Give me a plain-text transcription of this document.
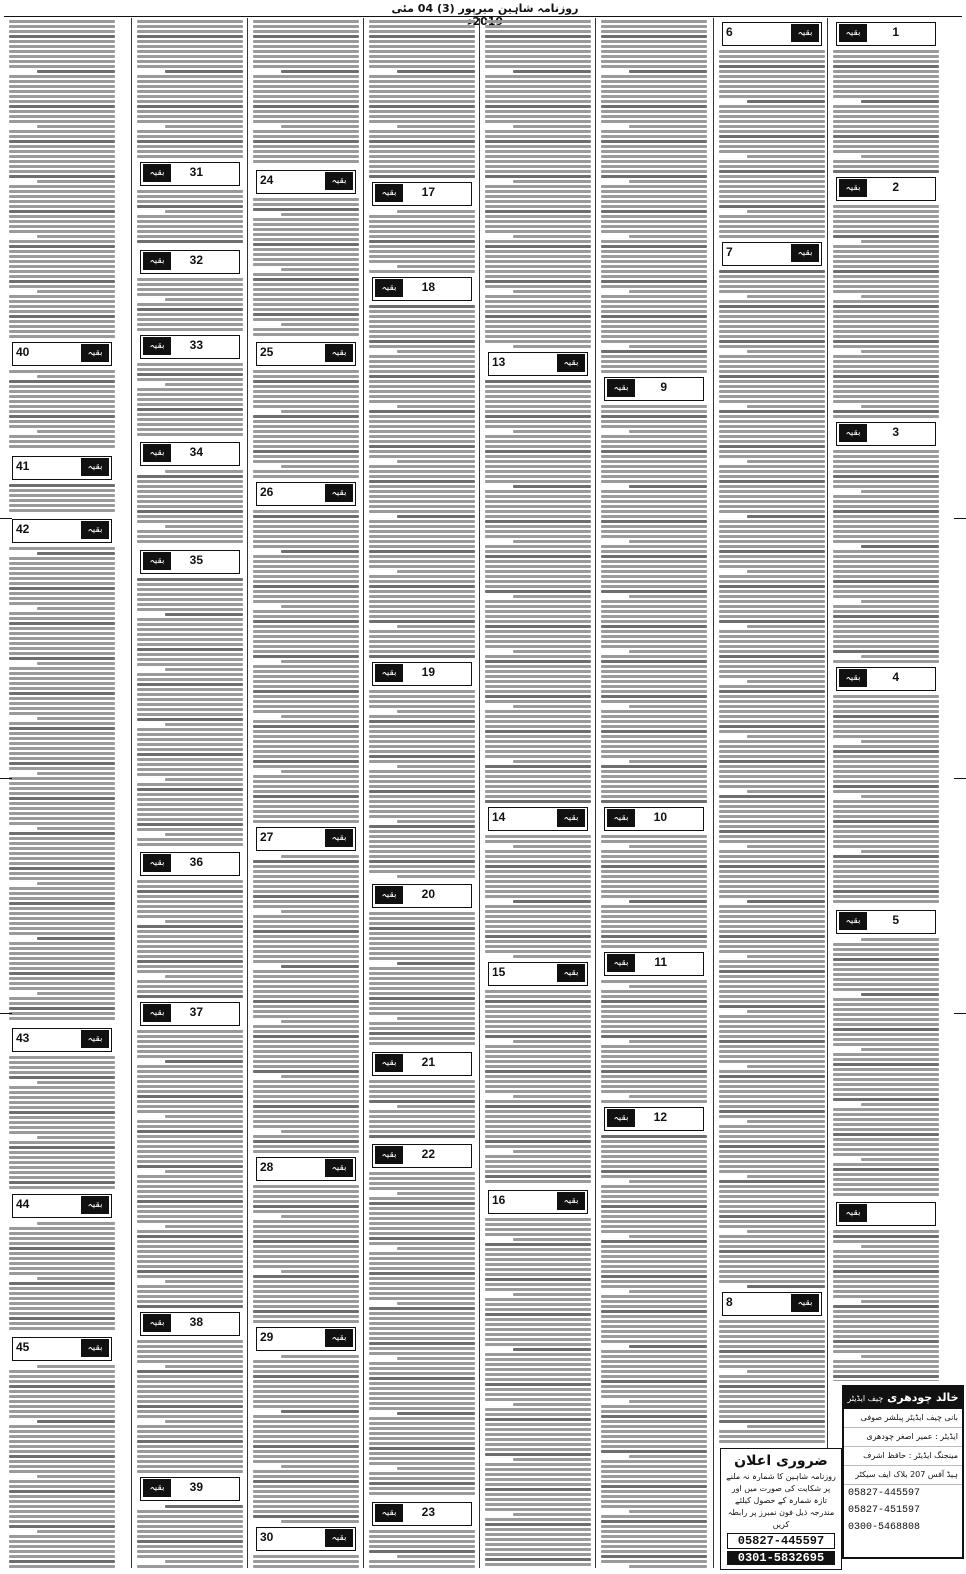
روزنامہ شاہین میرپور (3) 04 مئی
1
بقیہ
2
بقیہ
3
بقیہ
4
بقیہ
5
بقیہ
بقیہ
6	بقیہ
7	بقیہ
8	بقیہ
9
بقیہ
10
بقیہ
11
بقیہ
12
بقیہ
13	بقیہ
14	بقیہ
15	بقیہ
16	بقیہ
17
بقیہ
18
بقیہ
19
بقیہ
20
بقیہ
21
بقیہ
22
بقیہ
23
بقیہ
24	بقیہ
25	بقیہ
26	بقیہ
27	بقیہ
28	بقیہ
29	بقیہ
30	بقیہ
31
بقیہ
32
بقیہ
33
بقیہ
34
بقیہ
35
بقیہ
36
بقیہ
37
بقیہ
38
بقیہ
39
بقیہ
40	بقیہ
41	بقیہ
42	بقیہ
43	بقیہ
44	بقیہ
45	بقیہ
خالد چودھری چیف ایڈیٹر
بانی چیف ایڈیٹر پبلشر صوفی
ایڈیٹر : عمیر اصغر چودھری
مینجنگ ایڈیٹر : حافظ اشرف
ہیڈ آفس 207 بلاک ایف سیکٹر
05827-445597
05827-451597
0300-5468808
ضروری اعلان
روزنامہ شاہین کا شمارہ نہ ملنے پر شکایت کی صورت میں اور تازہ شمارہ کے حصول کیلئے مندرجہ ذیل فون نمبرز پر رابطہ کریں
05827-445597
0301-5832695
